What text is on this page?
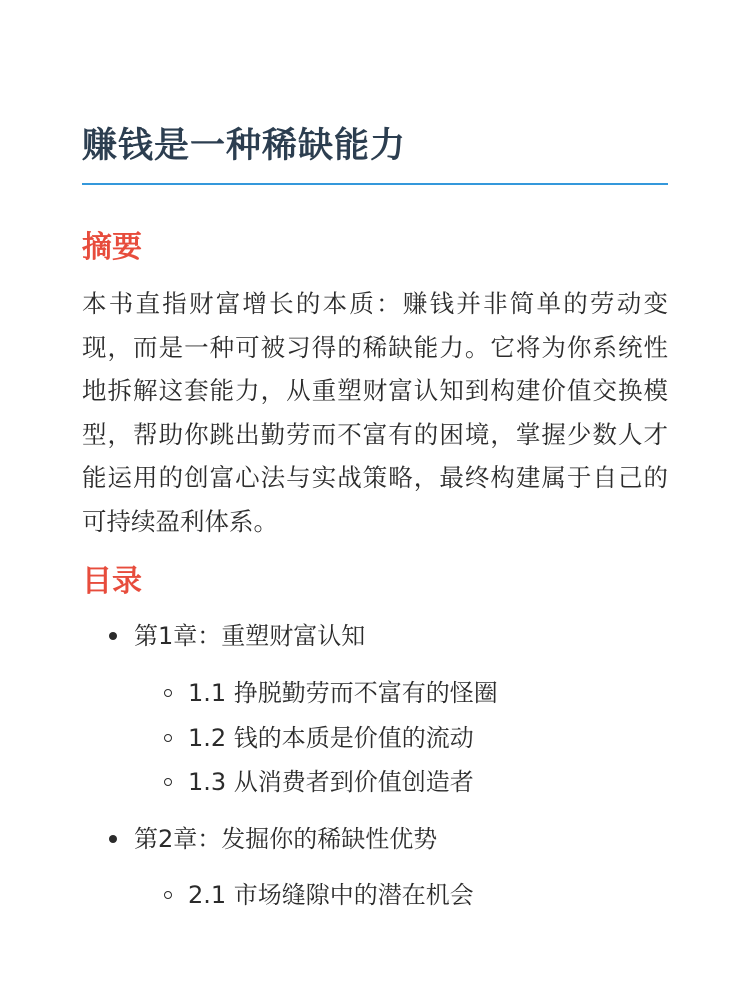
赚钱是一种稀缺能力
摘要

本书直指财富增长的本质：赚钱并非简单的劳动变现，而是一种可被习得的稀缺能力。它将为你系统性地拆解这套能力，从重塑财富认知到构建价值交换模型，帮助你跳出勤劳而不富有的困境，掌握少数人才能运用的创富心法与实战策略，最终构建属于自己的可持续盈利体系。

目录
第1章：重塑财富认知
1.1 挣脱勤劳而不富有的怪圈
1.2 钱的本质是价值的流动
1.3 从消费者到价值创造者
第2章：发掘你的稀缺性优势
2.1 市场缝隙中的潜在机会
